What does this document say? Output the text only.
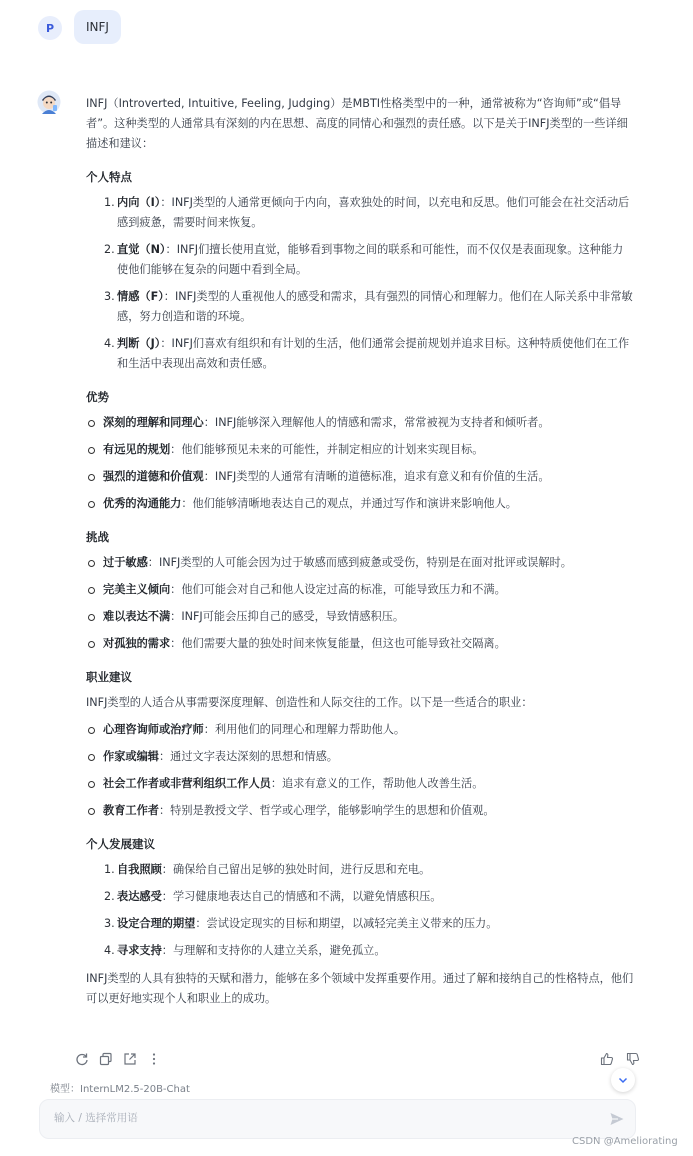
P	INFJ

INFJ（Introverted, Intuitive, Feeling, Judging）是MBTI性格类型中的一种，通常被称为“咨询师”或“倡导者”。这种类型的人通常具有深刻的内在思想、高度的同情心和强烈的责任感。以下是关于INFJ类型的一些详细描述和建议：

个人特点
1. 内向（I）：INFJ类型的人通常更倾向于内向，喜欢独处的时间，以充电和反思。他们可能会在社交活动后感到疲惫，需要时间来恢复。
2. 直觉（N）：INFJ们擅长使用直觉，能够看到事物之间的联系和可能性，而不仅仅是表面现象。这种能力使他们能够在复杂的问题中看到全局。
3. 情感（F）：INFJ类型的人重视他人的感受和需求，具有强烈的同情心和理解力。他们在人际关系中非常敏感，努力创造和谐的环境。
4. 判断（J）：INFJ们喜欢有组织和有计划的生活，他们通常会提前规划并追求目标。这种特质使他们在工作和生活中表现出高效和责任感。
优势
深刻的理解和同理心：INFJ能够深入理解他人的情感和需求，常常被视为支持者和倾听者。
有远见的规划：他们能够预见未来的可能性，并制定相应的计划来实现目标。
强烈的道德和价值观：INFJ类型的人通常有清晰的道德标准，追求有意义和有价值的生活。
优秀的沟通能力：他们能够清晰地表达自己的观点，并通过写作和演讲来影响他人。
挑战
过于敏感：INFJ类型的人可能会因为过于敏感而感到疲惫或受伤，特别是在面对批评或误解时。
完美主义倾向：他们可能会对自己和他人设定过高的标准，可能导致压力和不满。
难以表达不满：INFJ可能会压抑自己的感受，导致情感积压。
对孤独的需求：他们需要大量的独处时间来恢复能量，但这也可能导致社交隔离。
职业建议

INFJ类型的人适合从事需要深度理解、创造性和人际交往的工作。以下是一些适合的职业：

心理咨询师或治疗师：利用他们的同理心和理解力帮助他人。
作家或编辑：通过文字表达深刻的思想和情感。
社会工作者或非营利组织工作人员：追求有意义的工作，帮助他人改善生活。
教育工作者：特别是教授文学、哲学或心理学，能够影响学生的思想和价值观。
个人发展建议
1. 自我照顾：确保给自己留出足够的独处时间，进行反思和充电。
2. 表达感受：学习健康地表达自己的情感和不满，以避免情感积压。
3. 设定合理的期望：尝试设定现实的目标和期望，以减轻完美主义带来的压力。
4. 寻求支持：与理解和支持你的人建立关系，避免孤立。

INFJ类型的人具有独特的天赋和潜力，能够在多个领域中发挥重要作用。通过了解和接纳自己的性格特点，他们可以更好地实现个人和职业上的成功。

模型：InternLM2.5-20B-Chat
输入 / 选择常用语
CSDN @Ameliorating
